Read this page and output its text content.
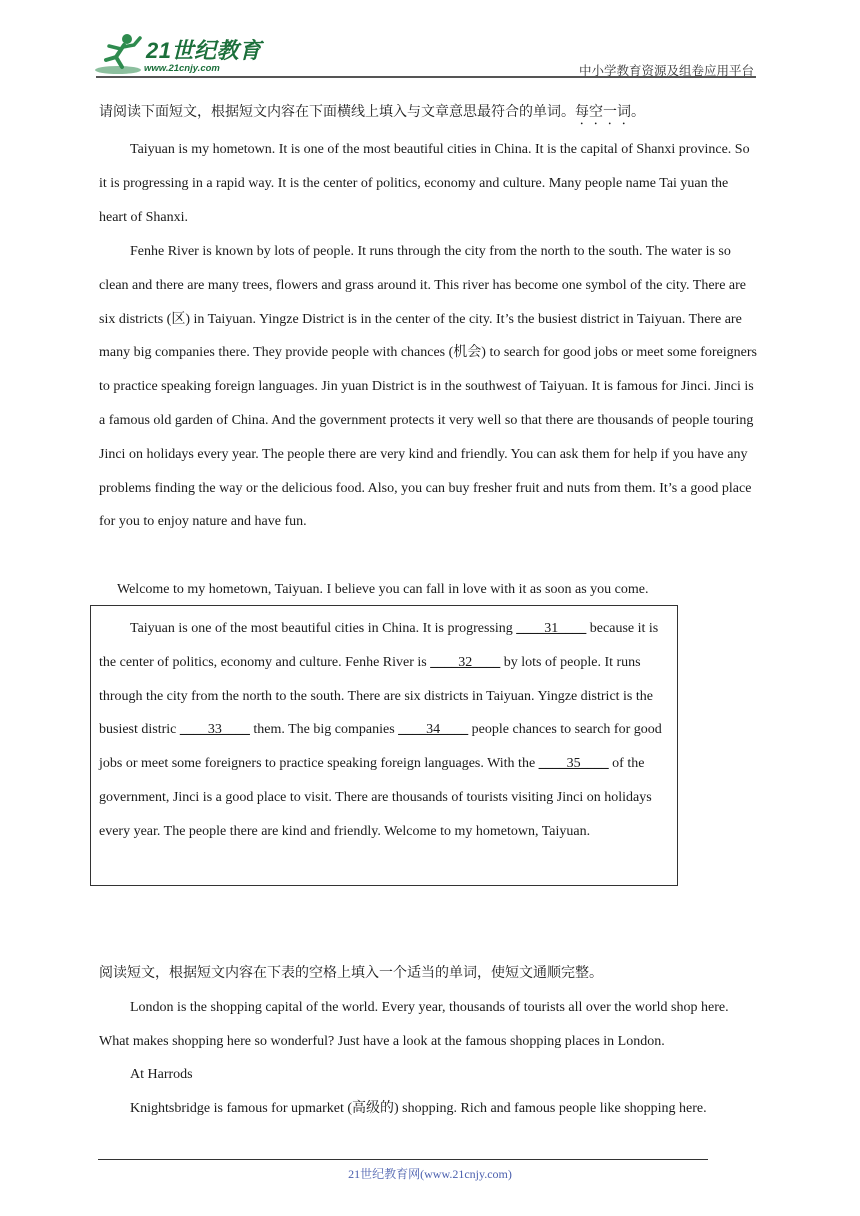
21世纪教育
www.21cnjy.com	中小学教育资源及组卷应用平台

请阅读下面短文，根据短文内容在下面横线上填入与文章意思最符合的单词。每空一词。

Taiyuan is my hometown. It is one of the most beautiful cities in China. It is the capital of Shanxi province. So it is progressing in a rapid way. It is the center of politics, economy and culture. Many people name Tai yuan the heart of Shanxi.

Fenhe River is known by lots of people. It runs through the city from the north to the south. The water is so clean and there are many trees, flowers and grass around it. This river has become one symbol of the city. There are six districts (区) in Taiyuan. Yingze District is in the center of the city. It’s the busiest district in Taiyuan. There are many big companies there. They provide people with chances (机会) to search for good jobs or meet some foreigners to practice speaking foreign languages. Jin yuan District is in the southwest of Taiyuan. It is famous for Jinci. Jinci is a famous old garden of China. And the government protects it very well so that there are thousands of people touring Jinci on holidays every year. The people there are very kind and friendly. You can ask them for help if you have any problems finding the way or the delicious food. Also, you can buy fresher fruit and nuts from them. It’s a good place for you to enjoy nature and have fun.

Welcome to my hometown, Taiyuan. I believe you can fall in love with it as soon as you come.

Taiyuan is one of the most beautiful cities in China. It is progressing ____31____ because it is the center of politics, economy and culture. Fenhe River is ____32____ by lots of people. It runs through the city from the north to the south. There are six districts in Taiyuan. Yingze district is the busiest distric ____33____ them. The big companies ____34____ people chances to search for good jobs or meet some foreigners to practice speaking foreign languages. With the ____35____ of the government, Jinci is a good place to visit. There are thousands of tourists visiting Jinci on holidays every year. The people there are kind and friendly. Welcome to my hometown, Taiyuan.

阅读短文，根据短文内容在下表的空格上填入一个适当的单词，使短文通顺完整。

London is the shopping capital of the world. Every year, thousands of tourists all over the world shop here. What makes shopping here so wonderful? Just have a look at the famous shopping places in London.

At Harrods

Knightsbridge is famous for upmarket (高级的) shopping. Rich and famous people like shopping here.

21世纪教育网(www.21cnjy.com)
